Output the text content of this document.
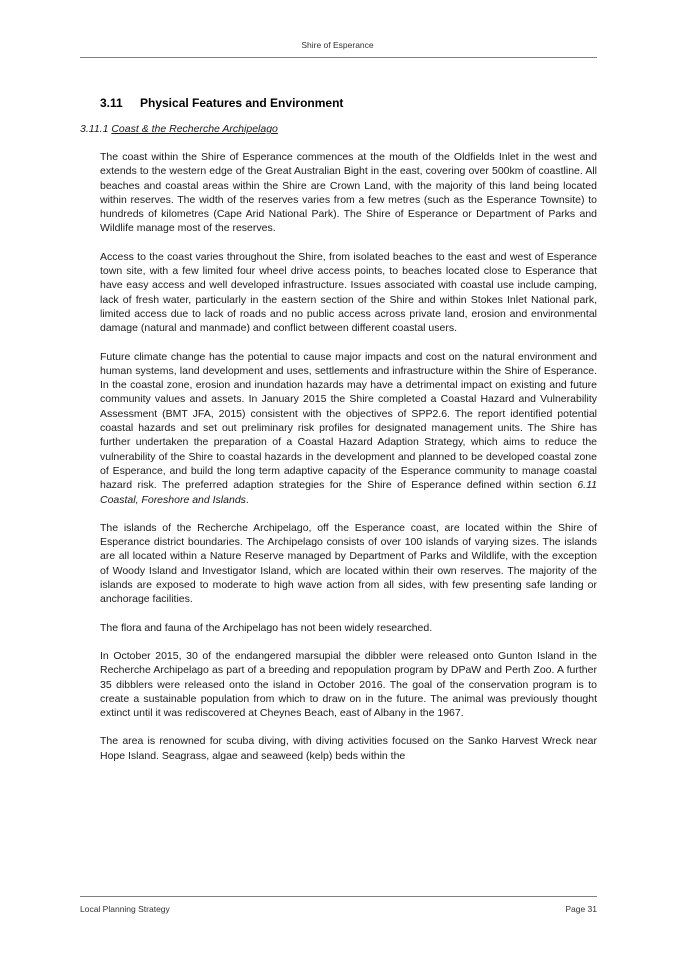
Shire of Esperance
3.11 Physical Features and Environment
3.11.1 Coast & the Recherche Archipelago

The coast within the Shire of Esperance commences at the mouth of the Oldfields Inlet in the west and extends to the western edge of the Great Australian Bight in the east, covering over 500km of coastline. All beaches and coastal areas within the Shire are Crown Land, with the majority of this land being located within reserves. The width of the reserves varies from a few metres (such as the Esperance Townsite) to hundreds of kilometres (Cape Arid National Park). The Shire of Esperance or Department of Parks and Wildlife manage most of the reserves.

Access to the coast varies throughout the Shire, from isolated beaches to the east and west of Esperance town site, with a few limited four wheel drive access points, to beaches located close to Esperance that have easy access and well developed infrastructure. Issues associated with coastal use include camping, lack of fresh water, particularly in the eastern section of the Shire and within Stokes Inlet National park, limited access due to lack of roads and no public access across private land, erosion and environmental damage (natural and manmade) and conflict between different coastal users.

Future climate change has the potential to cause major impacts and cost on the natural environment and human systems, land development and uses, settlements and infrastructure within the Shire of Esperance. In the coastal zone, erosion and inundation hazards may have a detrimental impact on existing and future community values and assets. In January 2015 the Shire completed a Coastal Hazard and Vulnerability Assessment (BMT JFA, 2015) consistent with the objectives of SPP2.6. The report identified potential coastal hazards and set out preliminary risk profiles for designated management units. The Shire has further undertaken the preparation of a Coastal Hazard Adaption Strategy, which aims to reduce the vulnerability of the Shire to coastal hazards in the development and planned to be developed coastal zone of Esperance, and build the long term adaptive capacity of the Esperance community to manage coastal hazard risk. The preferred adaption strategies for the Shire of Esperance defined within section 6.11 Coastal, Foreshore and Islands.

The islands of the Recherche Archipelago, off the Esperance coast, are located within the Shire of Esperance district boundaries. The Archipelago consists of over 100 islands of varying sizes. The islands are all located within a Nature Reserve managed by Department of Parks and Wildlife, with the exception of Woody Island and Investigator Island, which are located within their own reserves. The majority of the islands are exposed to moderate to high wave action from all sides, with few presenting safe landing or anchorage facilities.

The flora and fauna of the Archipelago has not been widely researched.

In October 2015, 30 of the endangered marsupial the dibbler were released onto Gunton Island in the Recherche Archipelago as part of a breeding and repopulation program by DPaW and Perth Zoo. A further 35 dibblers were released onto the island in October 2016. The goal of the conservation program is to create a sustainable population from which to draw on in the future. The animal was previously thought extinct until it was rediscovered at Cheynes Beach, east of Albany in the 1967.

The area is renowned for scuba diving, with diving activities focused on the Sanko Harvest Wreck near Hope Island. Seagrass, algae and seaweed (kelp) beds within the

Local Planning Strategy	Page 31
